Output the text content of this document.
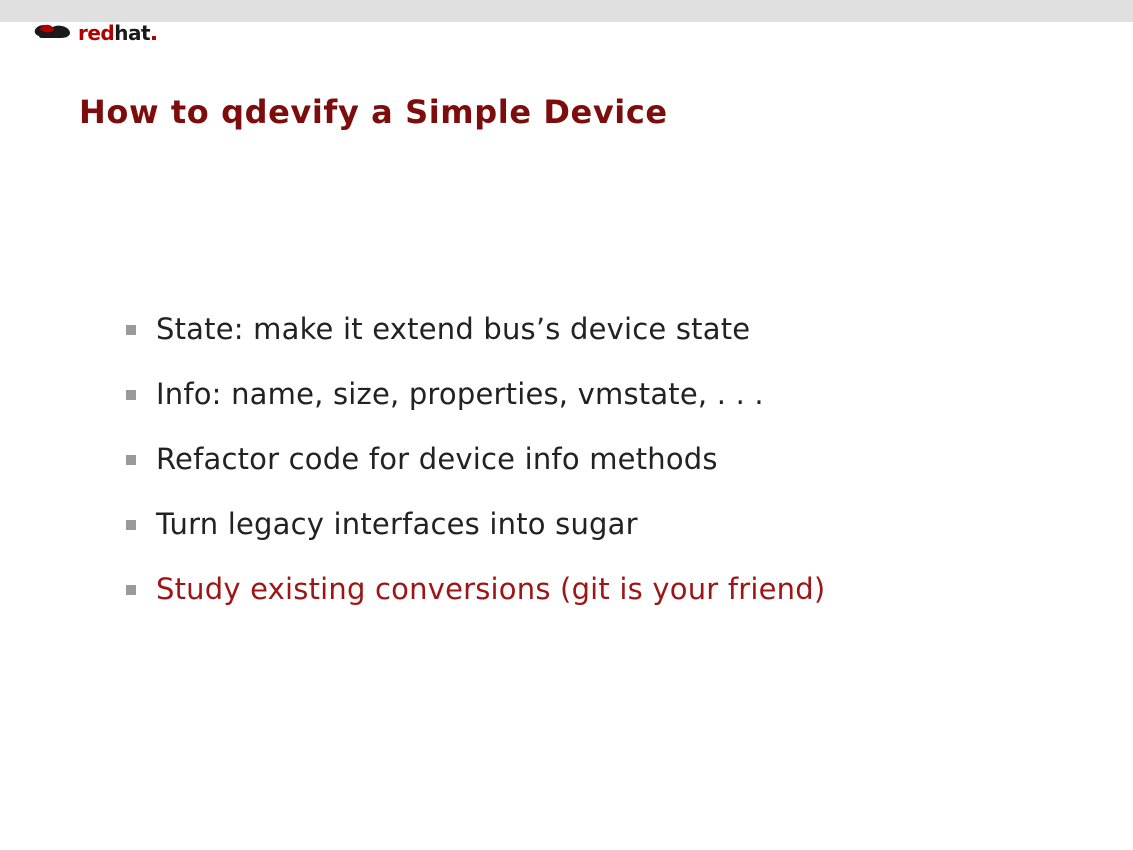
redhat
How to qdevify a Simple Device
State: make it extend bus’s device state
Info: name, size, properties, vmstate, . . .
Refactor code for device info methods
Turn legacy interfaces into sugar
Study existing conversions (git is your friend)
